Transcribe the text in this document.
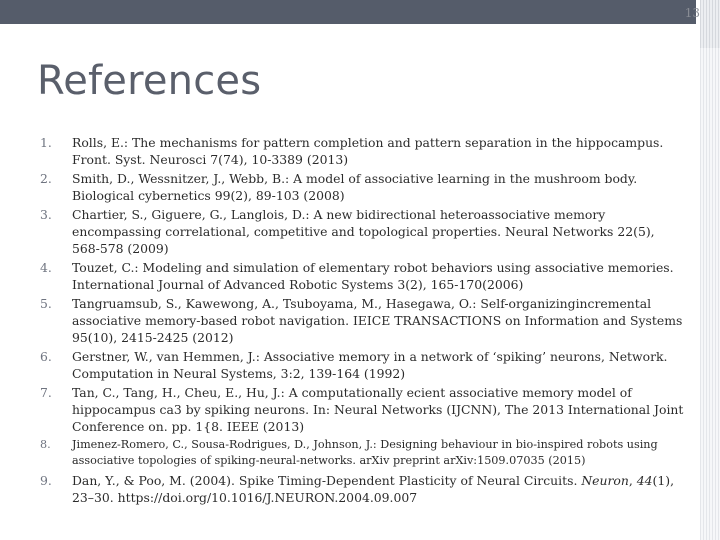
13
References
1. Rolls, E.: The mechanisms for pattern completion and pattern separation in the hippocampus. Front. Syst. Neurosci 7(74), 10-3389 (2013)
2. Smith, D., Wessnitzer, J., Webb, B.: A model of associative learning in the mushroom body. Biological cybernetics 99(2), 89-103 (2008)
3. Chartier, S., Giguere, G., Langlois, D.: A new bidirectional heteroassociative memory encompassing correlational, competitive and topological properties. Neural Networks 22(5), 568-578 (2009)
4. Touzet, C.: Modeling and simulation of elementary robot behaviors using associative memories. International Journal of Advanced Robotic Systems 3(2), 165-170(2006)
5. Tangruamsub, S., Kawewong, A., Tsuboyama, M., Hasegawa, O.: Self-organizingincremental associative memory-based robot navigation. IEICE TRANSACTIONS on Information and Systems 95(10), 2415-2425 (2012)
6. Gerstner, W., van Hemmen, J.: Associative memory in a network of ‘spiking’ neurons, Network. Computation in Neural Systems, 3:2, 139-164 (1992)
7. Tan, C., Tang, H., Cheu, E., Hu, J.: A computationally ecient associative memory model of hippocampus ca3 by spiking neurons. In: Neural Networks (IJCNN), The 2013 International Joint Conference on. pp. 1{8. IEEE (2013)
8. Jimenez-Romero, C., Sousa-Rodrigues, D., Johnson, J.: Designing behaviour in bio-inspired robots using associative topologies of spiking-neural-networks. arXiv preprint arXiv:1509.07035 (2015)
9. Dan, Y., & Poo, M. (2004). Spike Timing-Dependent Plasticity of Neural Circuits. Neuron, 44(1), 23–30. https://doi.org/10.1016/J.NEURON.2004.09.007
